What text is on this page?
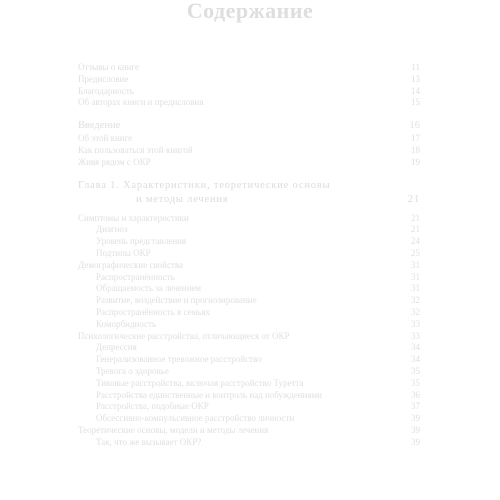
Содержание
Отзывы о книге	11
Предисловие	13
Благодарность	14
Об авторах книги и предисловия	15
Введение	16
Об этой книге	17
Как пользоваться этой книгой	18
Живя рядом с ОКР	19
Глава 1. Характеристики, теоретические основы
и методы лечения	21
Симптомы и характеристики	21
Диагноз	21
Уровень представления	24
Подтипы ОКР	25
Демографические свойства	31
Распространённость	31
Обращаемость за лечением	31
Развитие, воздействие и прогнозирование	32
Распространённость в семьях	32
Коморбидность	33
Психологические расстройства, отличающиеся от ОКР	33
Депрессия	34
Генерализованное тревожное расстройство	34
Тревога о здоровье	35
Тиковые расстройства, включая расстройство Туретта	35
Расстройства единственные и контроль над побуждениями	36
Расстройства, подобные ОКР	37
Обсессивно-компульсивное расстройство личности	39
Теоретические основы, модели и методы лечения	39
Так, что же вызывает ОКР?	39
